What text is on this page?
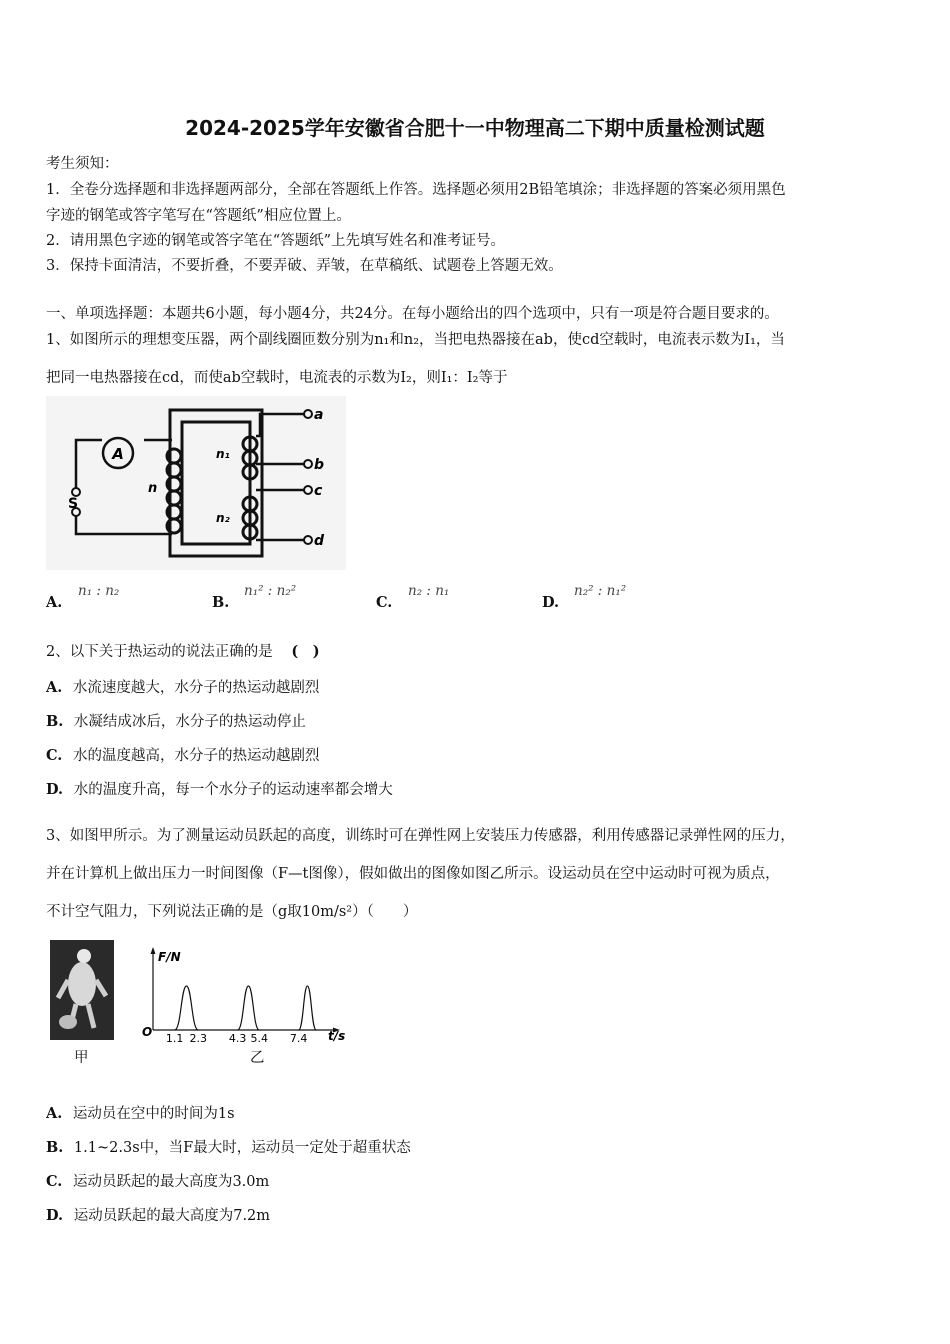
2024-2025学年安徽省合肥十一中物理高二下期中质量检测试题
考生须知：
1．全卷分选择题和非选择题两部分，全部在答题纸上作答。选择题必须用2B铅笔填涂；非选择题的答案必须用黑色
字迹的钢笔或答字笔写在“答题纸”相应位置上。
2．请用黑色字迹的钢笔或答字笔在“答题纸”上先填写姓名和准考证号。
3．保持卡面清洁，不要折叠，不要弄破、弄皱，在草稿纸、试题卷上答题无效。
一、单项选择题：本题共6小题，每小题4分，共24分。在每小题给出的四个选项中，只有一项是符合题目要求的。
1、如图所示的理想变压器，两个副线圈匝数分别为n₁和n₂，当把电热器接在ab，使cd空载时，电流表示数为I₁，当
把同一电热器接在cd，而使ab空载时，电流表的示数为I₂，则I₁：I₂等于
A
S
n
n₁
n₂
a
b
c
d
A.
n₁ : n₂
B.
n₁² : n₂²
C.
n₂ : n₁
D.
n₂² : n₁²
2、以下关于热运动的说法正确的是 (　)
A. 水流速度越大，水分子的热运动越剧烈
B. 水凝结成冰后，水分子的热运动停止
C. 水的温度越高，水分子的热运动越剧烈
D. 水的温度升高，每一个水分子的运动速率都会增大
3、如图甲所示。为了测量运动员跃起的高度，训练时可在弹性网上安装压力传感器，利用传感器记录弹性网的压力，
并在计算机上做出压力一时间图像（F—t图像），假如做出的图像如图乙所示。设运动员在空中运动时可视为质点，
不计空气阻力，下列说法正确的是（g取10m/s²）（　　）
甲
F/N
O	t/s
1.1 2.3 4.3 5.4 7.4
乙
A. 运动员在空中的时间为1s
B. 1.1~2.3s中，当F最大时，运动员一定处于超重状态
C. 运动员跃起的最大高度为3.0m
D. 运动员跃起的最大高度为7.2m
